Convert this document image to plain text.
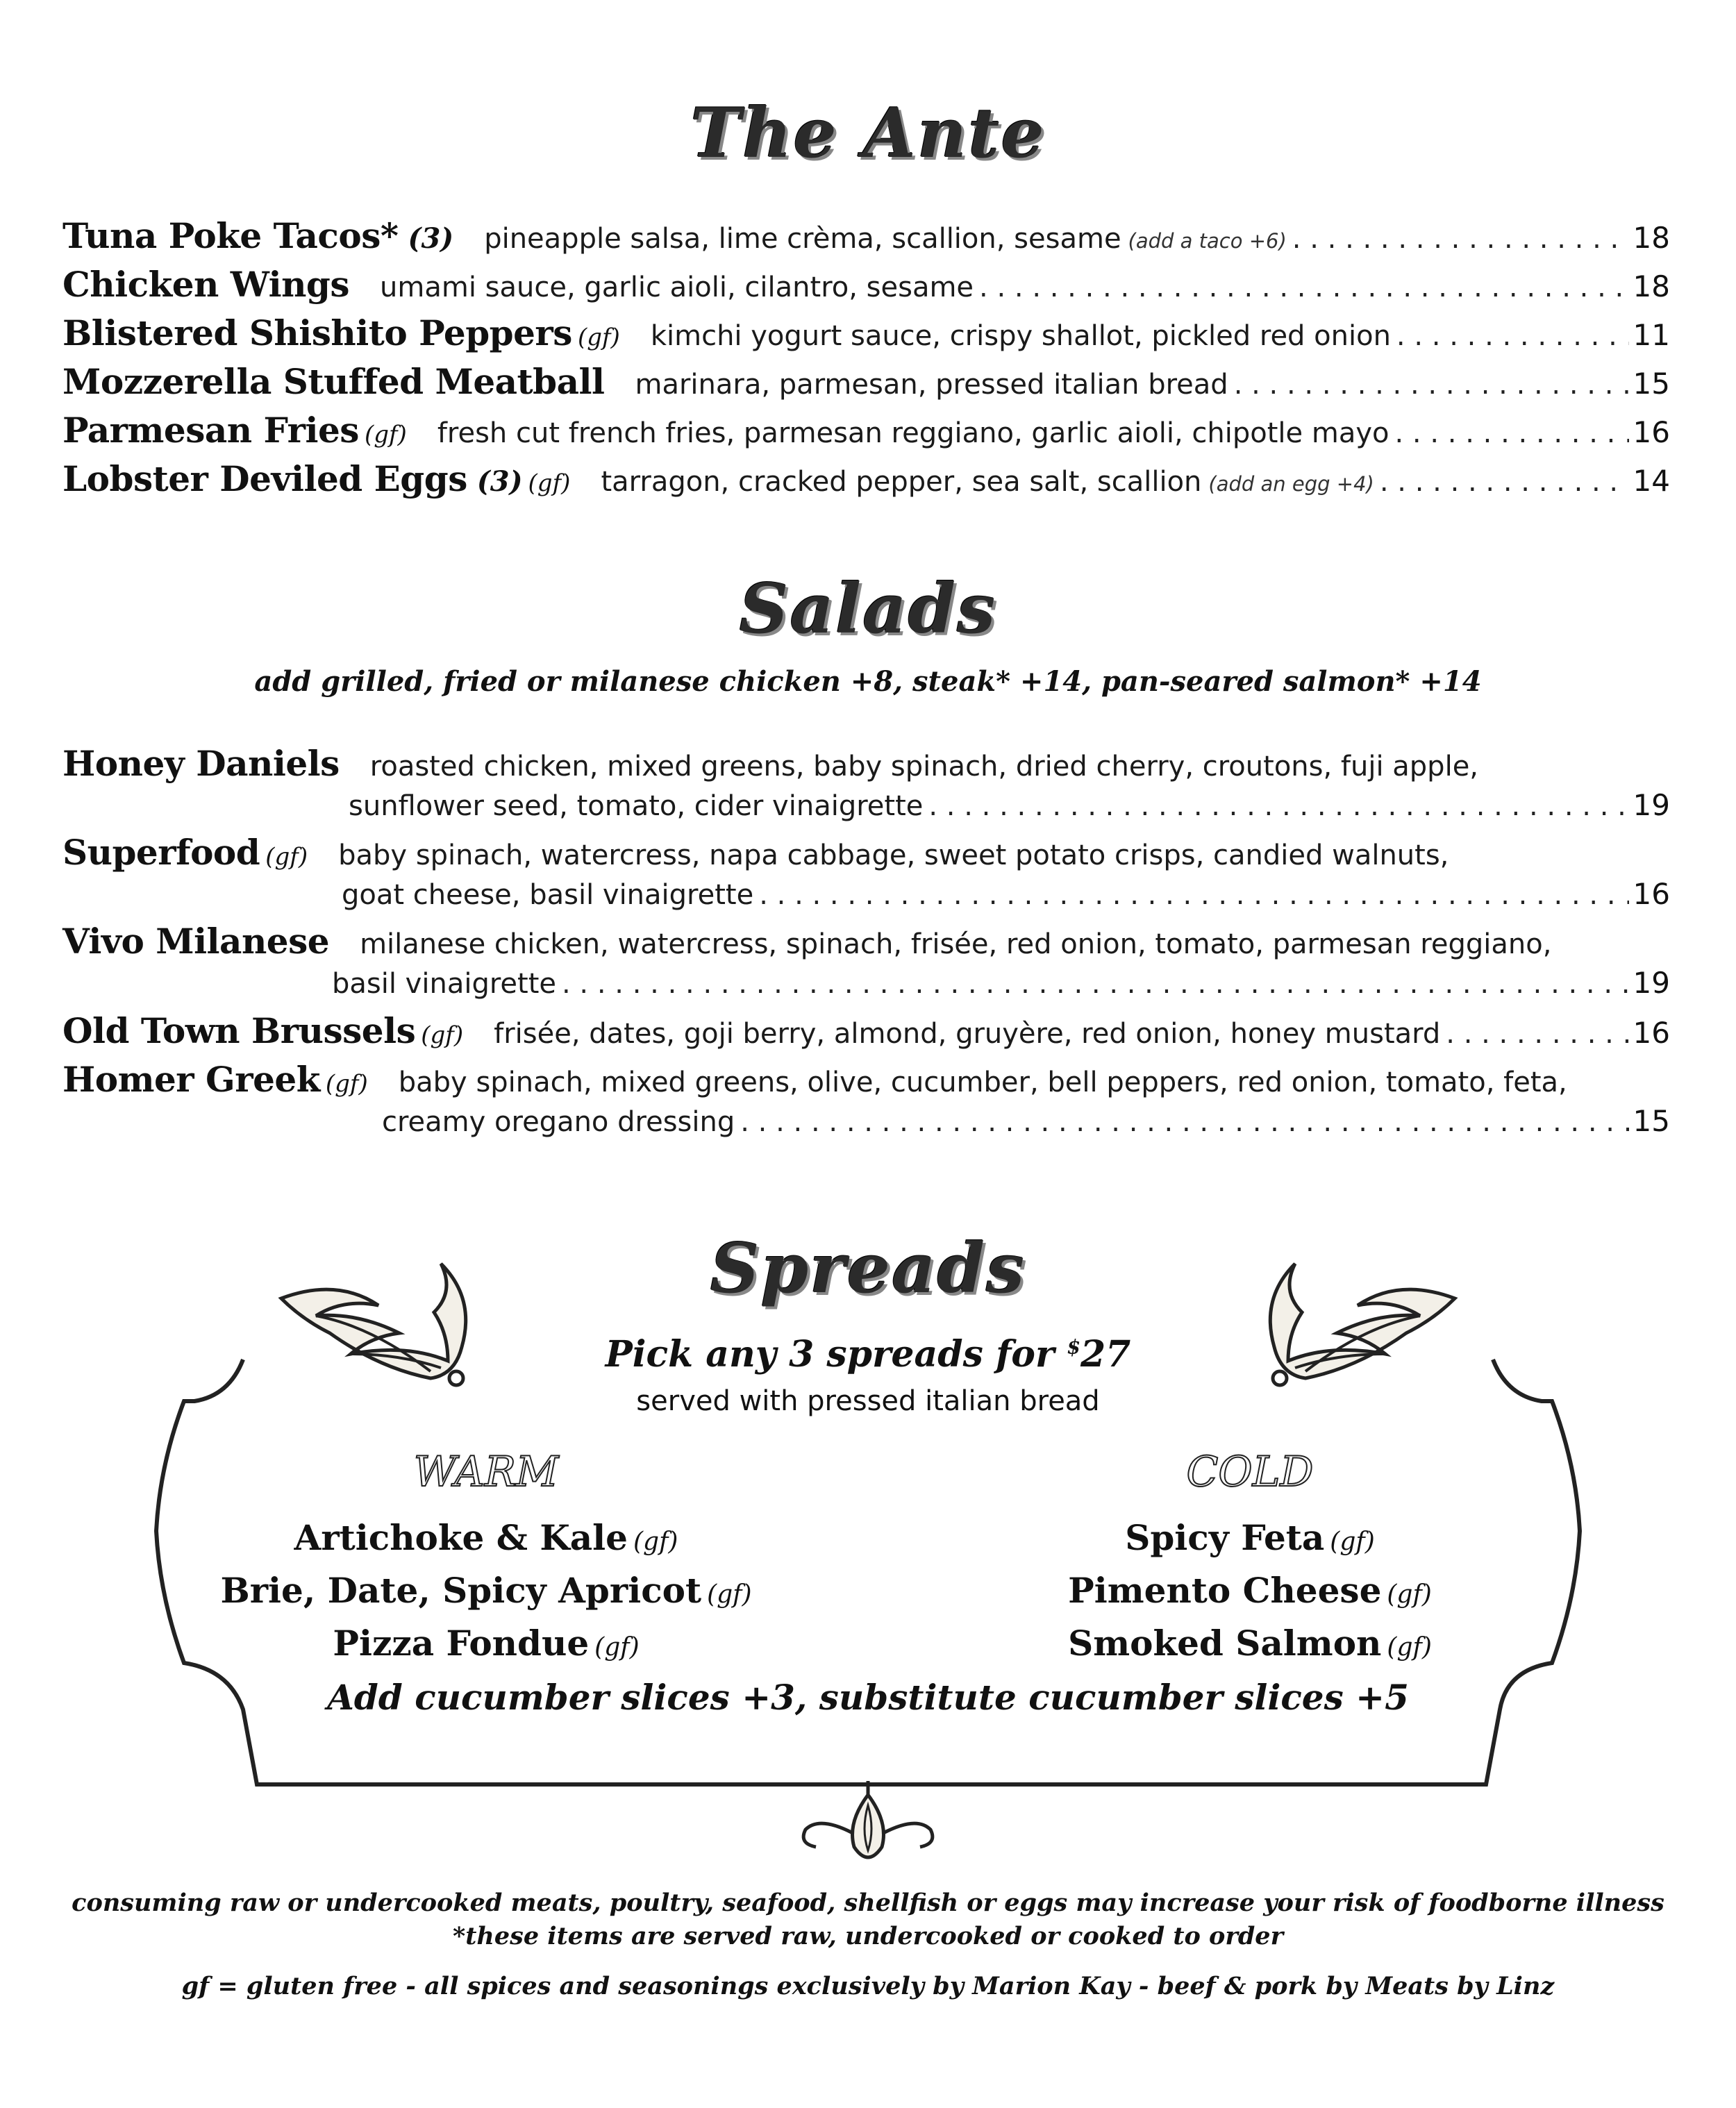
The Ante
Tuna Poke Tacos* (3) pineapple salsa, lime crèma, scallion, sesame (add a taco +6) . . .	18
Chicken Wings umami sauce, garlic aioli, cilantro, sesame . . .	18
Blistered Shishito Peppers (gf) kimchi yogurt sauce, crispy shallot, pickled red onion . . .	11
Mozzerella Stuffed Meatball marinara, parmesan, pressed italian bread . . .	15
Parmesan Fries (gf) fresh cut french fries, parmesan reggiano, garlic aioli, chipotle mayo . . .	16
Lobster Deviled Eggs (3) (gf) tarragon, cracked pepper, sea salt, scallion (add an egg +4) . . .	14
Salads
add grilled, fried or milanese chicken +8, steak* +14, pan-seared salmon* +14
Honey Daniels roasted chicken, mixed greens, baby spinach, dried cherry, croutons, fuji apple,
sunflower seed, tomato, cider vinaigrette . . .	19
Superfood (gf) baby spinach, watercress, napa cabbage, sweet potato crisps, candied walnuts,
goat cheese, basil vinaigrette . . .	16
Vivo Milanese milanese chicken, watercress, spinach, frisée, red onion, tomato, parmesan reggiano,
basil vinaigrette . . .	19
Old Town Brussels (gf) frisée, dates, goji berry, almond, gruyère, red onion, honey mustard . . .	16
Homer Greek (gf) baby spinach, mixed greens, olive, cucumber, bell peppers, red onion, tomato, feta,
creamy oregano dressing . . .	15
Spreads
Pick any 3 spreads for $27
served with pressed italian bread
WARM	COLD
Artichoke & Kale (gf)
Brie, Date, Spicy Apricot (gf)
Pizza Fondue (gf)
Spicy Feta (gf)
Pimento Cheese (gf)
Smoked Salmon (gf)
Add cucumber slices +3, substitute cucumber slices +5
consuming raw or undercooked meats, poultry, seafood, shellfish or eggs may increase your risk of foodborne illness
*these items are served raw, undercooked or cooked to order
gf = gluten free - all spices and seasonings exclusively by Marion Kay - beef & pork by Meats by Linz
